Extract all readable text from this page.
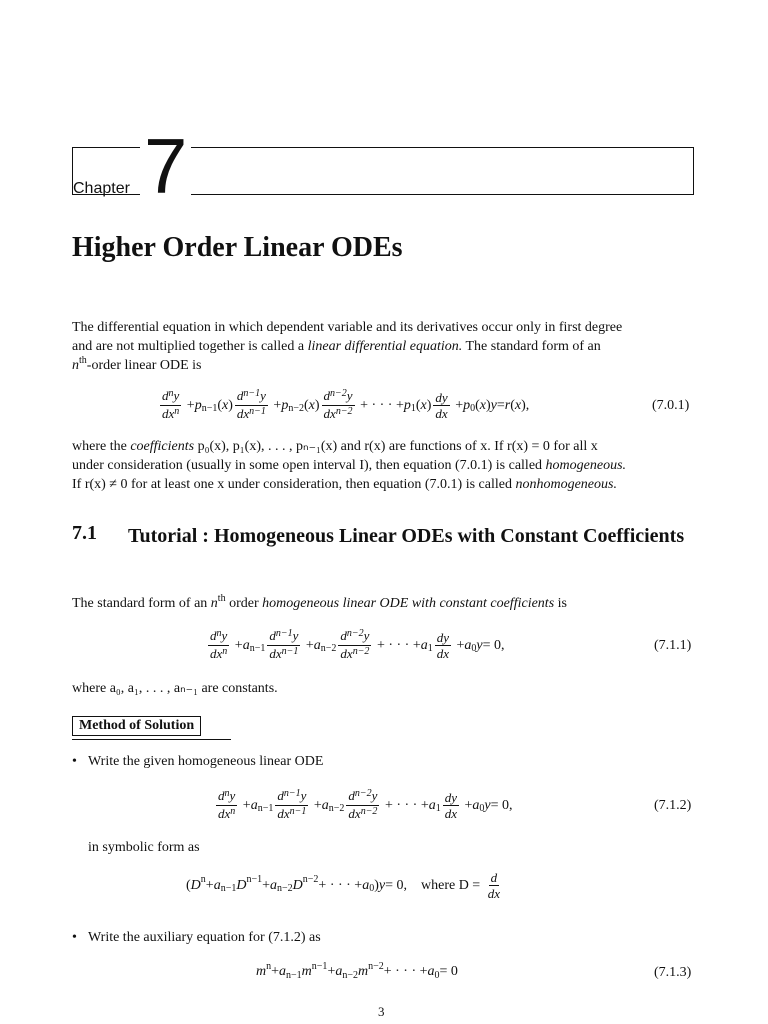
Chapter 7
Higher Order Linear ODEs

The differential equation in which dependent variable and its derivatives occur only in first degree

and are not multiplied together is called a linear differential equation. The standard form of an

$n^{th}$-order linear ODE is

$\frac{d^ny}{dx^n} + p$ n−1 ( x ) $\frac{d^{n-1}y}{dx^{n-1}} + p$ n−2 ( x ) $\frac{d^{n-2}y}{dx^{n-2}}$ + · · · + p 1 ( x ) $\frac{dy}{dx} + p$ 0 ( x ) y = r ( x ),	(7.0.1)

where the coefficients p₀(x), p₁(x), . . . , pₙ₋₁(x) and r(x) are functions of x. If r(x) = 0 for all x

under consideration (usually in some open interval I), then equation (7.0.1) is called homogeneous.

If r(x) ≠ 0 for at least one x under consideration, then equation (7.0.1) is called nonhomogeneous.

7.1 Tutorial : Homogeneous Linear ODEs with Constant Coefficients

The standard form of an $n^{th}$ order homogeneous linear ODE with constant coefficients is

$\frac{d^ny}{dx^n} + a$ $n-1 \frac{d^{n-1}y}{dx^{n-1}} + a$ $n-2 \frac{d^{n-2}y}{dx^{n-2}}$ + · · · + a $1 \frac{dy}{dx} + a$ 0 y = 0,	(7.1.1)
where a₀, a₁, . . . , aₙ₋₁ are constants.
Method of Solution
• Write the given homogeneous linear ODE
$\frac{d^ny}{dx^n} + a$ $n-1 \frac{d^{n-1}y}{dx^{n-1}} + a$ $n-2 \frac{d^{n-2}y}{dx^{n-2}}$ + · · · + a $1 \frac{dy}{dx} + a$ 0 y = 0,	(7.1.2)
in symbolic form as
( D n + a n−1 D n−1 + a n−2 D n−2 + · · · + a 0 ) y = 0, where D =
$\frac{d}{dx}$
• Write the auxiliary equation for (7.1.2) as
m n + a n−1 m n−1 + a n−2 m n−2 + · · · + a 0 = 0	(7.1.3)
3
